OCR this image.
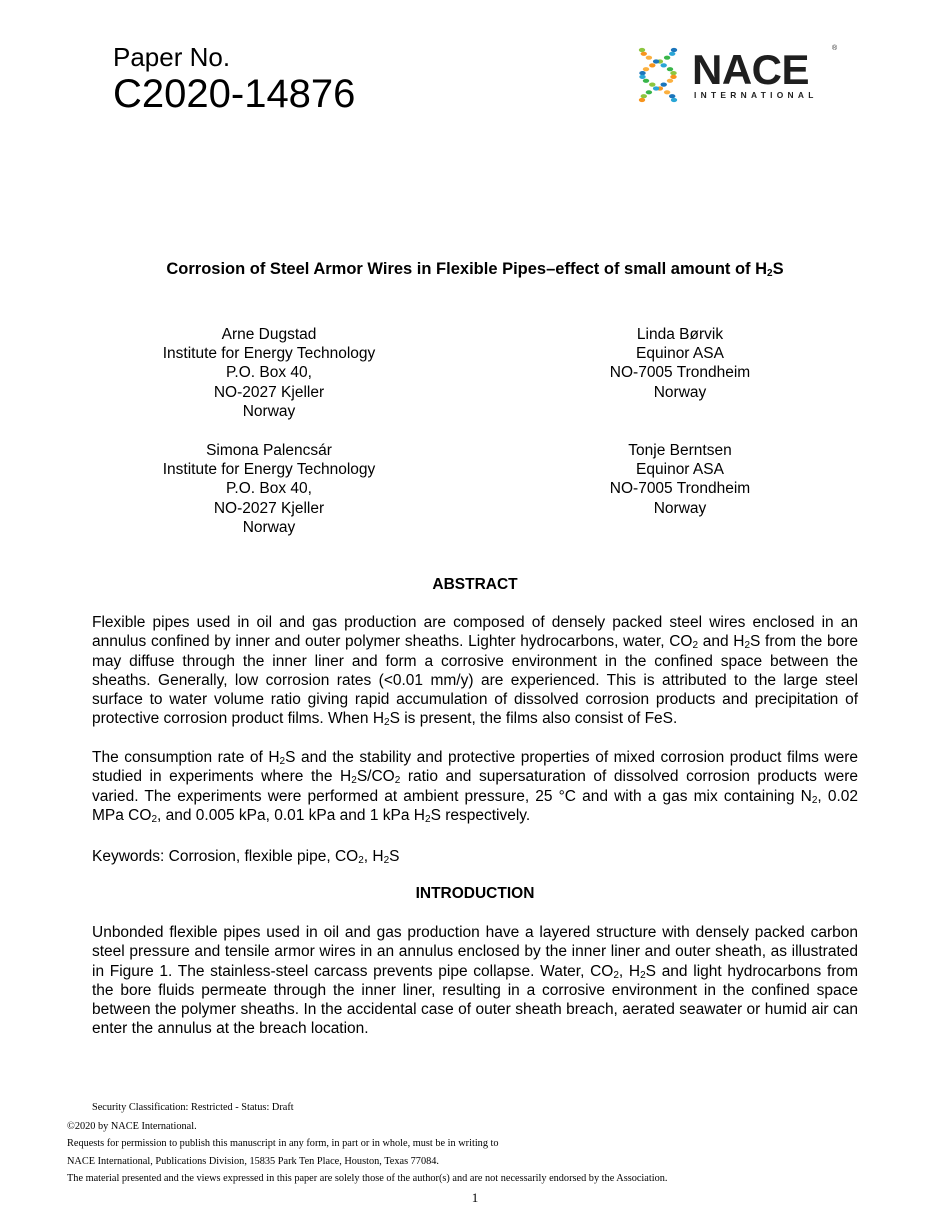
Paper No.
C2020-14876
NACE	®
INTERNATIONAL
Corrosion of Steel Armor Wires in Flexible Pipes–effect of small amount of $H_2S$
Arne Dugstad
Institute for Energy Technology
P.O. Box 40,
NO-2027 Kjeller
Norway
Linda Børvik
Equinor ASA
NO-7005 Trondheim
Norway
Simona Palencsár
Institute for Energy Technology
P.O. Box 40,
NO-2027 Kjeller
Norway
Tonje Berntsen
Equinor ASA
NO-7005 Trondheim
Norway
ABSTRACT
Flexible pipes used in oil and gas production are composed of densely packed steel wires enclosed in an annulus confined by inner and outer polymer sheaths. Lighter hydrocarbons, water, $CO_2$ and $H_2S$ from the bore may diffuse through the inner liner and form a corrosive environment in the confined space between the sheaths. Generally, low corrosion rates (<0.01 mm/y) are experienced. This is attributed to the large steel surface to water volume ratio giving rapid accumulation of dissolved corrosion products and precipitation of protective corrosion product films. When $H_2S$ is present, the films also consist of FeS.
The consumption rate of $H_2S$ and the stability and protective properties of mixed corrosion product films were studied in experiments where the $H_2S/CO_2$ ratio and supersaturation of dissolved corrosion products were varied. The experiments were performed at ambient pressure, 25 °C and with a gas mix containing $N_2$, 0.02 MPa $CO_2$, and 0.005 kPa, 0.01 kPa and 1 kPa $H_2S$ respectively.
Keywords: Corrosion, flexible pipe, $CO_2$, $H_2S$
INTRODUCTION
Unbonded flexible pipes used in oil and gas production have a layered structure with densely packed carbon steel pressure and tensile armor wires in an annulus enclosed by the inner liner and outer sheath, as illustrated in Figure 1. The stainless-steel carcass prevents pipe collapse. Water, $CO_2$, $H_2S$ and light hydrocarbons from the bore fluids permeate through the inner liner, resulting in a corrosive environment in the confined space between the polymer sheaths. In the accidental case of outer sheath breach, aerated seawater or humid air can enter the annulus at the breach location.
Security Classification: Restricted - Status: Draft
©2020 by NACE International.
Requests for permission to publish this manuscript in any form, in part or in whole, must be in writing to
NACE International, Publications Division, 15835 Park Ten Place, Houston, Texas 77084.
The material presented and the views expressed in this paper are solely those of the author(s) and are not necessarily endorsed by the Association.
1
